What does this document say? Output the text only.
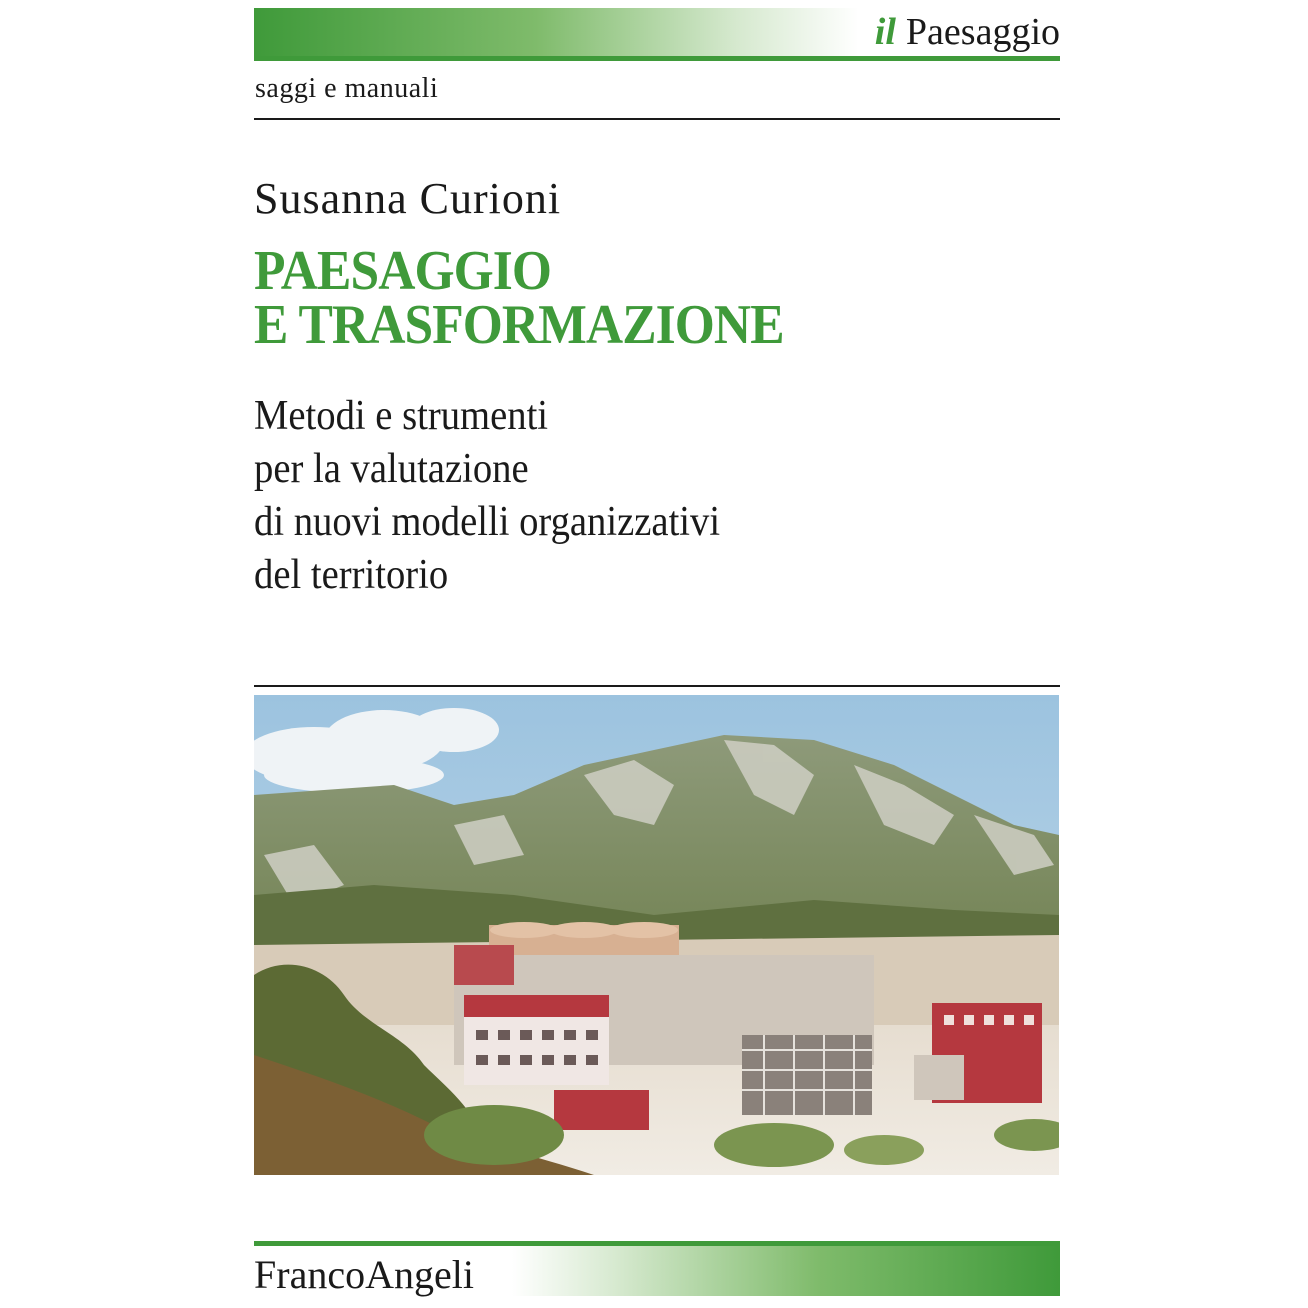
il Paesaggio
saggi e manuali
Susanna Curioni
PAESAGGIO
E TRASFORMAZIONE

Metodi e strumenti
per la valutazione
di nuovi modelli organizzativi
del territorio

FrancoAngeli
